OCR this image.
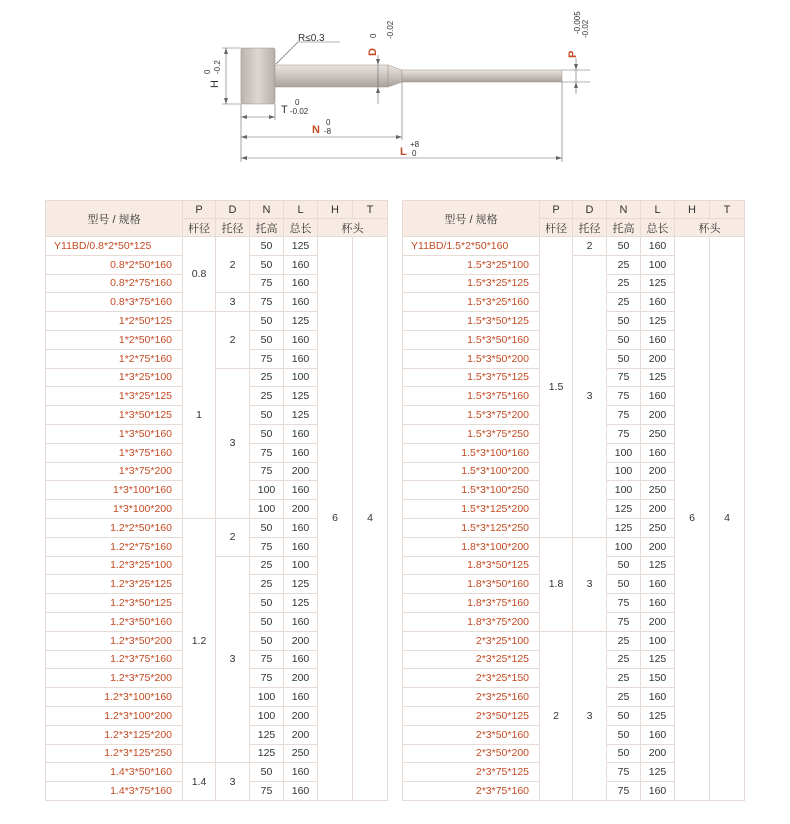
R≤0.3
D
0 -0.02
P
-0.005 -0.02
H
0 -0.2
T
0
-0.02
N
0
-8
L
+8
0
型号 / 规格	P	D	N	L	H	T
	杆径	托径	托高	总长	杯头	
Y11BD/0.8*2*50*125	0.8	2	50	125	6	4
0.8*2*50*160			50	160		
0.8*2*75*160			75	160		
0.8*3*75*160		3	75	160		
1*2*50*125	1	2	50	125		
1*2*50*160			50	160		
1*2*75*160			75	160		
1*3*25*100		3	25	100		
1*3*25*125			25	125		
1*3*50*125			50	125		
1*3*50*160			50	160		
1*3*75*160			75	160		
1*3*75*200			75	200		
1*3*100*160			100	160		
1*3*100*200			100	200		
1.2*2*50*160	1.2	2	50	160		
1.2*2*75*160			75	160		
1.2*3*25*100		3	25	100		
1.2*3*25*125			25	125		
1.2*3*50*125			50	125		
1.2*3*50*160			50	160		
1.2*3*50*200			50	200		
1.2*3*75*160			75	160		
1.2*3*75*200			75	200		
1.2*3*100*160			100	160		
1.2*3*100*200			100	200		
1.2*3*125*200			125	200		
1.2*3*125*250			125	250		
1.4*3*50*160	1.4	3	50	160		
1.4*3*75*160			75	160		
型号 / 规格	P	D	N	L	H	T
	杆径	托径	托高	总长	杯头	
Y11BD/1.5*2*50*160	1.5	2	50	160	6	4
1.5*3*25*100		3	25	100		
1.5*3*25*125			25	125		
1.5*3*25*160			25	160		
1.5*3*50*125			50	125		
1.5*3*50*160			50	160		
1.5*3*50*200			50	200		
1.5*3*75*125			75	125		
1.5*3*75*160			75	160		
1.5*3*75*200			75	200		
1.5*3*75*250			75	250		
1.5*3*100*160			100	160		
1.5*3*100*200			100	200		
1.5*3*100*250			100	250		
1.5*3*125*200			125	200		
1.5*3*125*250			125	250		
1.8*3*100*200	1.8	3	100	200		
1.8*3*50*125			50	125		
1.8*3*50*160			50	160		
1.8*3*75*160			75	160		
1.8*3*75*200			75	200		
2*3*25*100	2	3	25	100		
2*3*25*125			25	125		
2*3*25*150			25	150		
2*3*25*160			25	160		
2*3*50*125			50	125		
2*3*50*160			50	160		
2*3*50*200			50	200		
2*3*75*125			75	125		
2*3*75*160			75	160		
